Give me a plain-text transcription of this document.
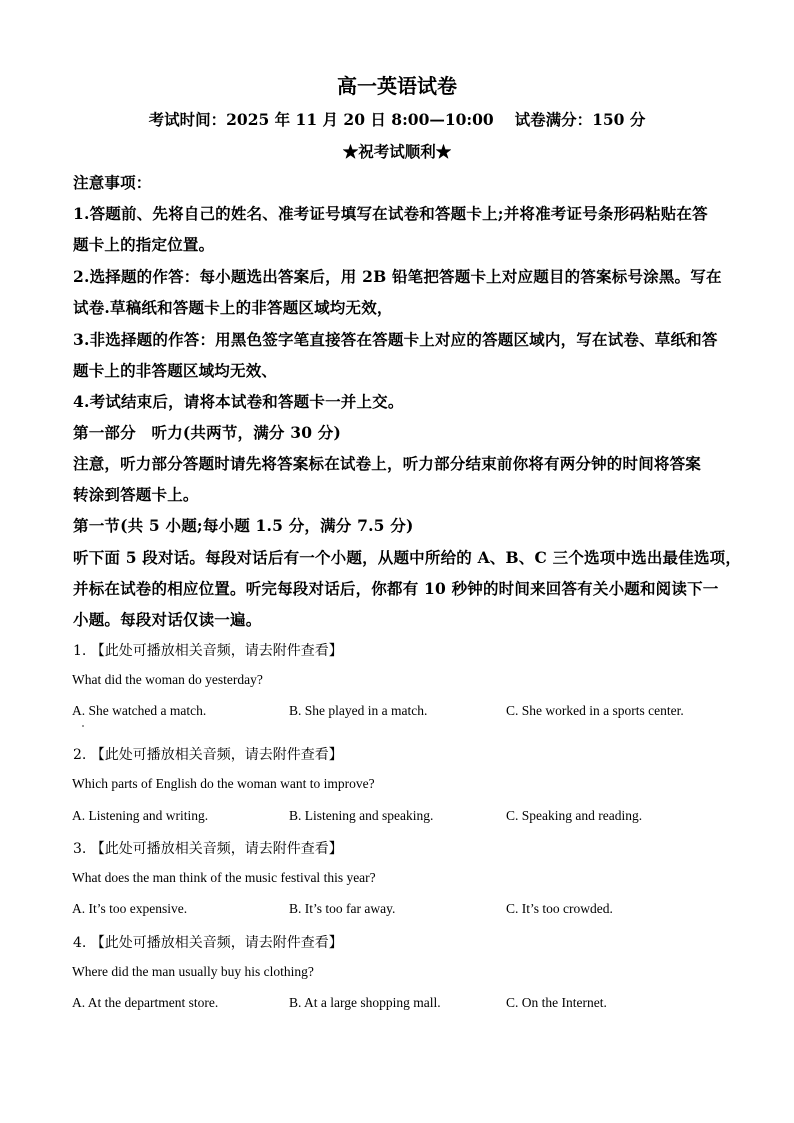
高一英语试卷
考试时间：2025 年 11 月 20 日 8:00—10:00　 试卷满分：150 分
★祝考试顺利★
注意事项：
1.答题前、先将自己的姓名、准考证号填写在试卷和答题卡上;并将准考证号条形码粘贴在答
题卡上的指定位置。
2.选择题的作答：每小题选出答案后，用 2B 铅笔把答题卡上对应题目的答案标号涂黑。写在
试卷.草稿纸和答题卡上的非答题区域均无效，
3.非选择题的作答：用黑色签字笔直接答在答题卡上对应的答题区域内，写在试卷、草纸和答
题卡上的非答题区域均无效、
4.考试结束后，请将本试卷和答题卡一并上交。
第一部分　听力(共两节，满分 30 分)
注意，听力部分答题时请先将答案标在试卷上，听力部分结束前你将有两分钟的时间将答案
转涂到答题卡上。
第一节(共 5 小题;每小题 1.5 分，满分 7.5 分)
听下面 5 段对话。每段对话后有一个小题，从题中所给的 A、B、C 三个选项中选出最佳选项，
并标在试卷的相应位置。听完每段对话后，你都有 10 秒钟的时间来回答有关小题和阅读下一
小题。每段对话仅读一遍。
1. 【此处可播放相关音频，请去附件查看】
What did the woman do yesterday?
A. She watched a match.	B. She played in a match.	C. She worked in a sports center.
2. 【此处可播放相关音频，请去附件查看】
Which parts of English do the woman want to improve?
A. Listening and writing.	B. Listening and speaking.	C. Speaking and reading.
3. 【此处可播放相关音频，请去附件查看】
What does the man think of the music festival this year?
A. It’s too expensive.	B. It’s too far away.	C. It’s too crowded.
4. 【此处可播放相关音频，请去附件查看】
Where did the man usually buy his clothing?
A. At the department store.	B. At a large shopping mall.	C. On the Internet.
